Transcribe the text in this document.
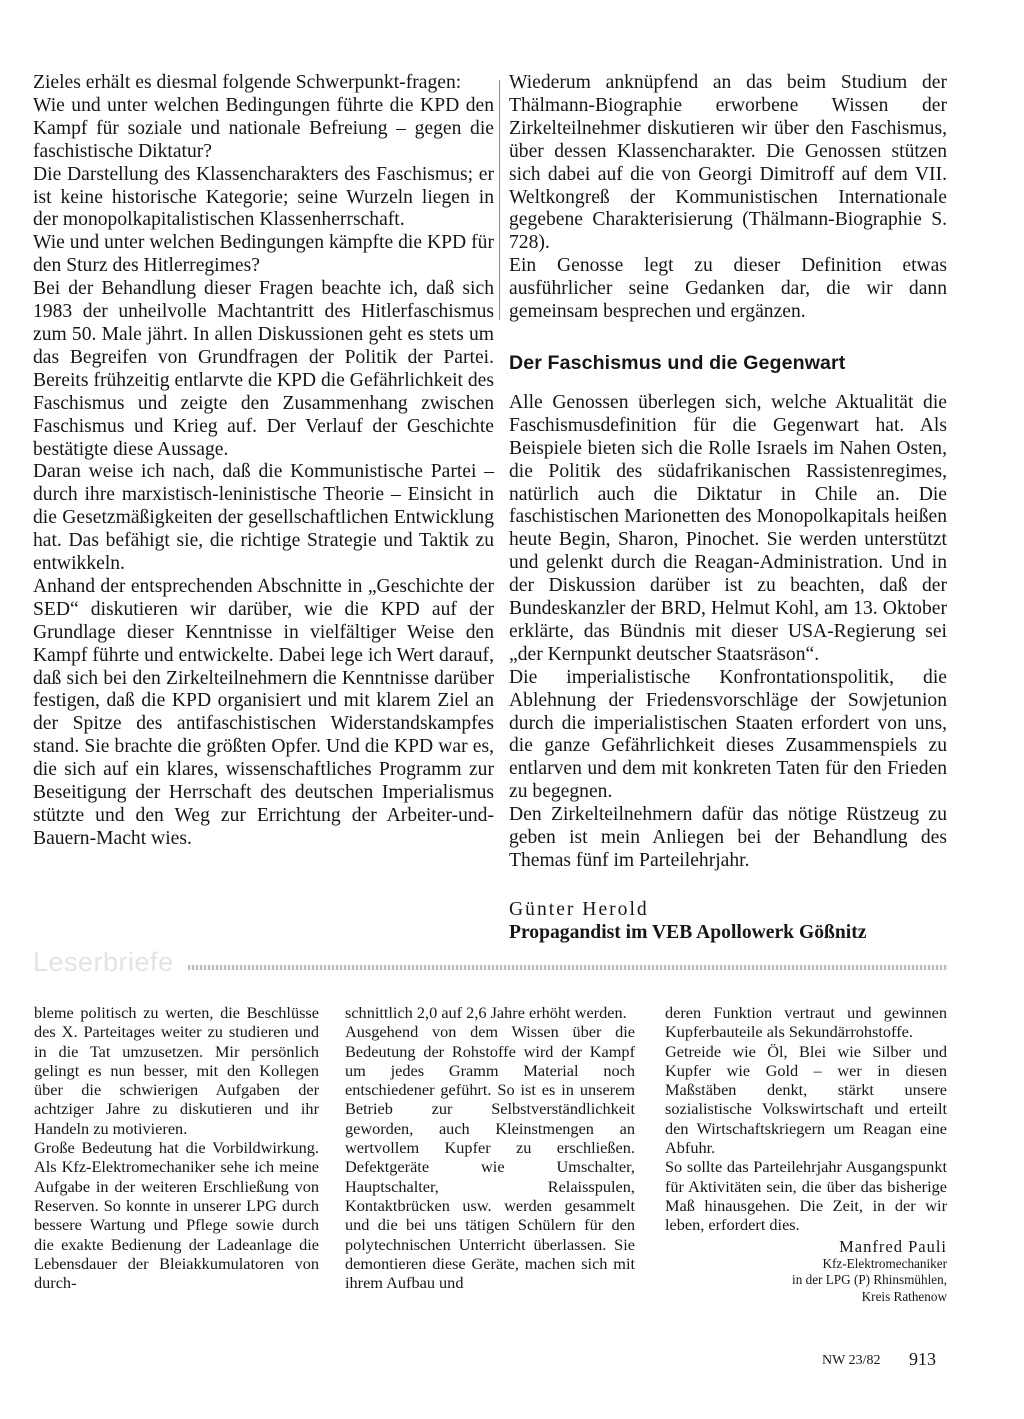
Zieles erhält es diesmal folgende Schwerpunkt-fragen:

Wie und unter welchen Bedingungen führte die KPD den Kampf für soziale und nationale Befreiung – gegen die faschistische Diktatur?

Die Darstellung des Klassencharakters des Faschismus; er ist keine historische Kategorie; seine Wurzeln liegen in der monopolkapitalistischen Klassenherrschaft.

Wie und unter welchen Bedingungen kämpfte die KPD für den Sturz des Hitlerregimes?

Bei der Behandlung dieser Fragen beachte ich, daß sich 1983 der unheilvolle Machtantritt des Hitlerfaschismus zum 50. Male jährt. In allen Diskussionen geht es stets um das Begreifen von Grundfragen der Politik der Partei. Bereits frühzeitig entlarvte die KPD die Gefährlichkeit des Faschismus und zeigte den Zusammenhang zwischen Faschismus und Krieg auf. Der Verlauf der Geschichte bestätigte diese Aussage.

Daran weise ich nach, daß die Kommunistische Partei – durch ihre marxistisch-leninistische Theorie – Einsicht in die Gesetzmäßigkeiten der gesellschaftlichen Entwicklung hat. Das befähigt sie, die richtige Strategie und Taktik zu entwikkeln.

Anhand der entsprechenden Abschnitte in „Geschichte der SED“ diskutieren wir darüber, wie die KPD auf der Grundlage dieser Kenntnisse in vielfältiger Weise den Kampf führte und entwickelte. Dabei lege ich Wert darauf, daß sich bei den Zirkelteilnehmern die Kenntnisse darüber festigen, daß die KPD organisiert und mit klarem Ziel an der Spitze des antifaschistischen Widerstandskampfes stand. Sie brachte die größten Opfer. Und die KPD war es, die sich auf ein klares, wissenschaftliches Programm zur Beseitigung der Herrschaft des deutschen Imperialismus stützte und den Weg zur Errichtung der Arbeiter-und-Bauern-Macht wies.

Wiederum anknüpfend an das beim Studium der Thälmann-Biographie erworbene Wissen der Zirkelteilnehmer diskutieren wir über den Faschismus, über dessen Klassencharakter. Die Genossen stützen sich dabei auf die von Georgi Dimitroff auf dem VII. Weltkongreß der Kommunistischen Internationale gegebene Charakterisierung (Thälmann-Biographie S. 728).

Ein Genosse legt zu dieser Definition etwas ausführlicher seine Gedanken dar, die wir dann gemeinsam besprechen und ergänzen.

Der Faschismus und die Gegenwart

Alle Genossen überlegen sich, welche Aktualität die Faschismusdefinition für die Gegenwart hat. Als Beispiele bieten sich die Rolle Israels im Nahen Osten, die Politik des südafrikanischen Rassistenregimes, natürlich auch die Diktatur in Chile an. Die faschistischen Marionetten des Monopolkapitals heißen heute Begin, Sharon, Pinochet. Sie werden unterstützt und gelenkt durch die Reagan-Administration. Und in der Diskussion darüber ist zu beachten, daß der Bundeskanzler der BRD, Helmut Kohl, am 13. Oktober erklärte, das Bündnis mit dieser USA-Regierung sei „der Kernpunkt deutscher Staatsräson“.

Die imperialistische Konfrontationspolitik, die Ablehnung der Friedensvorschläge der Sowjetunion durch die imperialistischen Staaten erfordert von uns, die ganze Gefährlichkeit dieses Zusammenspiels zu entlarven und dem mit konkreten Taten für den Frieden zu begegnen.

Den Zirkelteilnehmern dafür das nötige Rüstzeug zu geben ist mein Anliegen bei der Behandlung des Themas fünf im Parteilehrjahr.

Günter Herold

Propagandist im VEB Apollowerk Gößnitz

Leserbriefe

bleme politisch zu werten, die Beschlüsse des X. Parteitages weiter zu studieren und in die Tat umzusetzen. Mir persönlich gelingt es nun besser, mit den Kollegen über die schwierigen Aufgaben der achtziger Jahre zu diskutieren und ihr Handeln zu motivieren.

Große Bedeutung hat die Vorbildwirkung. Als Kfz-Elektromechaniker sehe ich meine Aufgabe in der weiteren Erschließung von Reserven. So konnte in unserer LPG durch bessere Wartung und Pflege sowie durch die exakte Bedienung der Ladeanlage die Lebensdauer der Bleiakkumulatoren von durch-

schnittlich 2,0 auf 2,6 Jahre erhöht werden.

Ausgehend von dem Wissen über die Bedeutung der Rohstoffe wird der Kampf um jedes Gramm Material noch entschiedener geführt. So ist es in unserem Betrieb zur Selbstverständlichkeit geworden, auch Kleinstmengen an wertvollem Kupfer zu erschließen. Defektgeräte wie Umschalter, Hauptschalter, Relaisspulen, Kontaktbrücken usw. werden gesammelt und die bei uns tätigen Schülern für den polytechnischen Unterricht überlassen. Sie demontieren diese Geräte, machen sich mit ihrem Aufbau und

deren Funktion vertraut und gewinnen Kupferbauteile als Sekundärrohstoffe.

Getreide wie Öl, Blei wie Silber und Kupfer wie Gold – wer in diesen Maßstäben denkt, stärkt unsere sozialistische Volkswirtschaft und erteilt den Wirtschaftskriegern um Reagan eine Abfuhr.

So sollte das Parteilehrjahr Ausgangspunkt für Aktivitäten sein, die über das bisherige Maß hinausgehen. Die Zeit, in der wir leben, erfordert dies.

Manfred Pauli

Kfz-Elektromechaniker
in der LPG (P) Rhinsmühlen,
Kreis Rathenow

NW 23/82 913
